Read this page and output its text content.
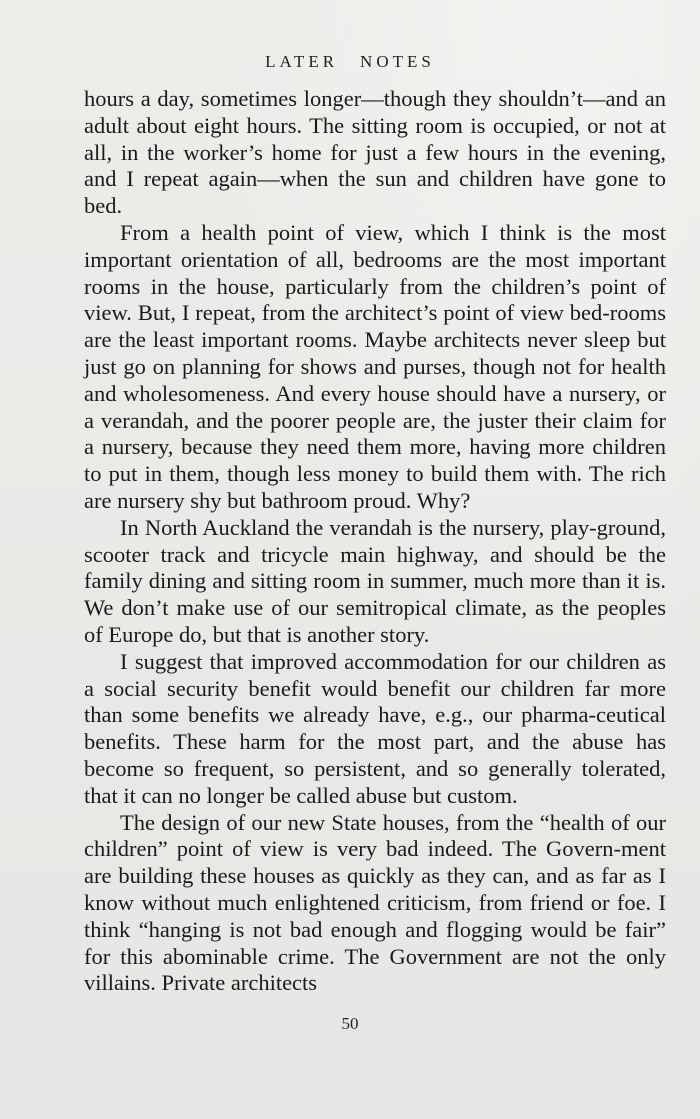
LATER NOTES

hours a day, sometimes longer—though they shouldn’t—and an adult about eight hours. The sitting room is occupied, or not at all, in the worker’s home for just a few hours in the evening, and I repeat again—when the sun and children have gone to bed.

From a health point of view, which I think is the most important orientation of all, bedrooms are the most important rooms in the house, particularly from the children’s point of view. But, I repeat, from the architect’s point of view bed-rooms are the least important rooms. Maybe architects never sleep but just go on planning for shows and purses, though not for health and wholesomeness. And every house should have a nursery, or a verandah, and the poorer people are, the juster their claim for a nursery, because they need them more, having more children to put in them, though less money to build them with. The rich are nursery shy but bathroom proud. Why?

In North Auckland the verandah is the nursery, play-ground, scooter track and tricycle main highway, and should be the family dining and sitting room in summer, much more than it is. We don’t make use of our semitropical climate, as the peoples of Europe do, but that is another story.

I suggest that improved accommodation for our children as a social security benefit would benefit our children far more than some benefits we already have, e.g., our pharma-ceutical benefits. These harm for the most part, and the abuse has become so frequent, so persistent, and so generally tolerated, that it can no longer be called abuse but custom.

The design of our new State houses, from the “health of our children” point of view is very bad indeed. The Govern-ment are building these houses as quickly as they can, and as far as I know without much enlightened criticism, from friend or foe. I think “hanging is not bad enough and flogging would be fair” for this abominable crime. The Government are not the only villains. Private architects

50
